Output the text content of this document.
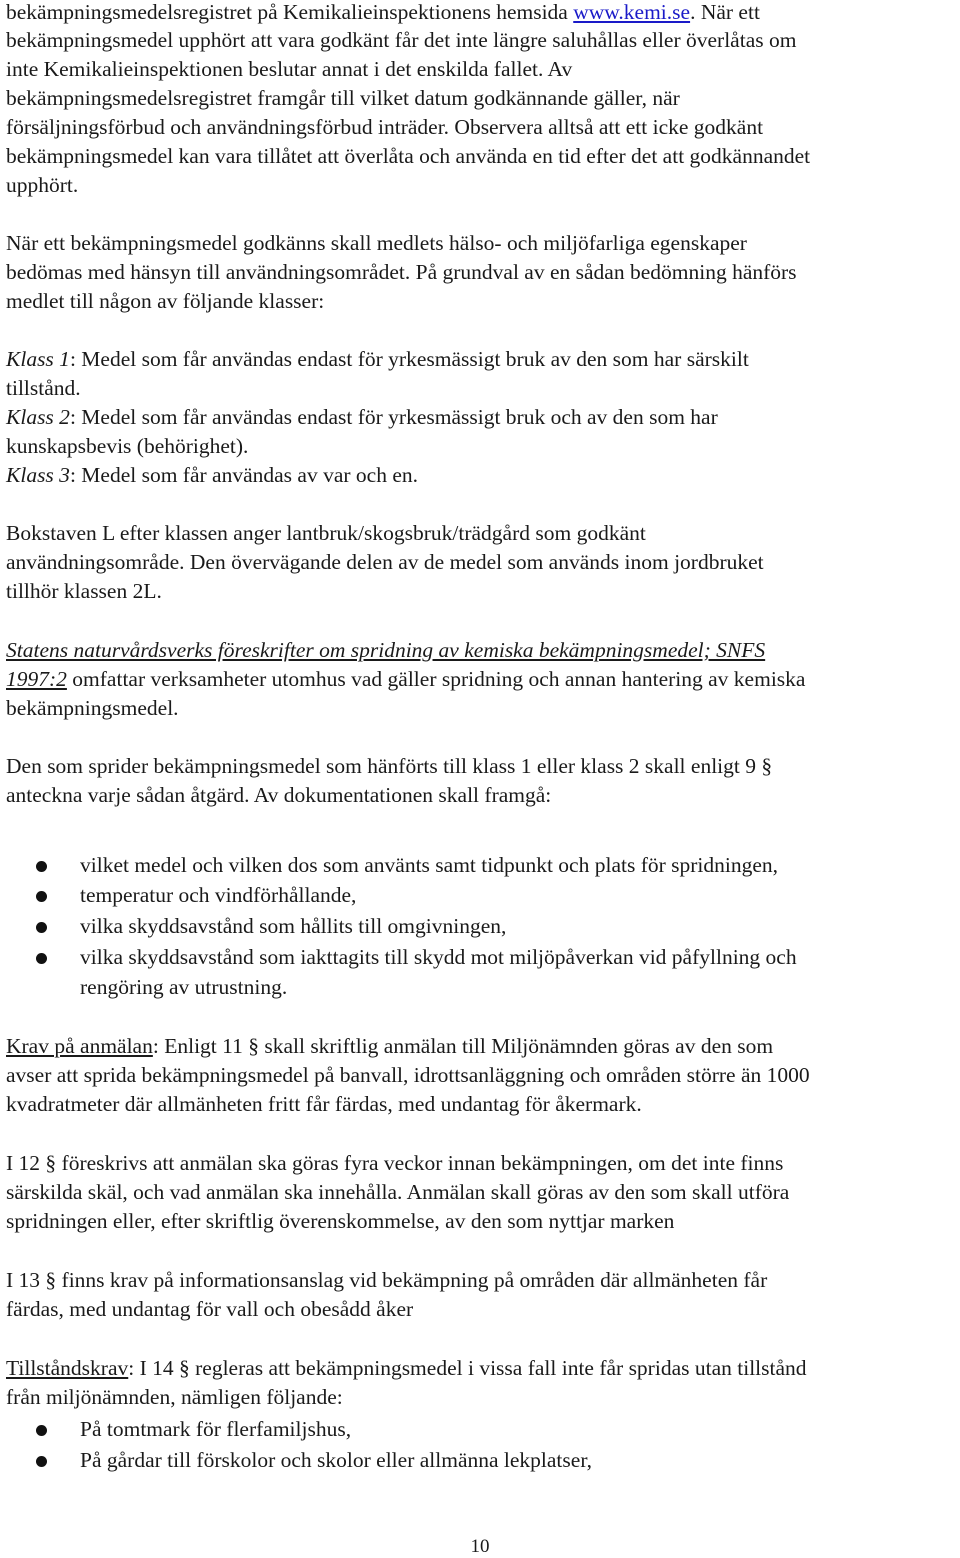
bekämpningsmedelsregistret på Kemikalieinspektionens hemsida www.kemi.se. När ett
bekämpningsmedel upphört att vara godkänt får det inte längre saluhållas eller överlåtas om
inte Kemikalieinspektionen beslutar annat i det enskilda fallet. Av
bekämpningsmedelsregistret framgår till vilket datum godkännande gäller, när
försäljningsförbud och användningsförbud inträder. Observera alltså att ett icke godkänt
bekämpningsmedel kan vara tillåtet att överlåta och använda en tid efter det att godkännandet
upphört.
När ett bekämpningsmedel godkänns skall medlets hälso- och miljöfarliga egenskaper
bedömas med hänsyn till användningsområdet. På grundval av en sådan bedömning hänförs
medlet till någon av följande klasser:
Klass 1: Medel som får användas endast för yrkesmässigt bruk av den som har särskilt
tillstånd.
Klass 2: Medel som får användas endast för yrkesmässigt bruk och av den som har
kunskapsbevis (behörighet).
Klass 3: Medel som får användas av var och en.
Bokstaven L efter klassen anger lantbruk/skogsbruk/trädgård som godkänt
användningsområde. Den övervägande delen av de medel som används inom jordbruket
tillhör klassen 2L.
Statens naturvårdsverks föreskrifter om spridning av kemiska bekämpningsmedel; SNFS
1997:2 omfattar verksamheter utomhus vad gäller spridning och annan hantering av kemiska
bekämpningsmedel.
Den som sprider bekämpningsmedel som hänförts till klass 1 eller klass 2 skall enligt 9 §
anteckna varje sådan åtgärd. Av dokumentationen skall framgå:
vilket medel och vilken dos som använts samt tidpunkt och plats för spridningen,
temperatur och vindförhållande,
vilka skyddsavstånd som hållits till omgivningen,
vilka skyddsavstånd som iakttagits till skydd mot miljöpåverkan vid påfyllning och
rengöring av utrustning.
Krav på anmälan: Enligt 11 § skall skriftlig anmälan till Miljönämnden göras av den som
avser att sprida bekämpningsmedel på banvall, idrottsanläggning och områden större än 1000
kvadratmeter där allmänheten fritt får färdas, med undantag för åkermark.
I 12 § föreskrivs att anmälan ska göras fyra veckor innan bekämpningen, om det inte finns
särskilda skäl, och vad anmälan ska innehålla. Anmälan skall göras av den som skall utföra
spridningen eller, efter skriftlig överenskommelse, av den som nyttjar marken
I 13 § finns krav på informationsanslag vid bekämpning på områden där allmänheten får
färdas, med undantag för vall och obesådd åker
Tillståndskrav: I 14 § regleras att bekämpningsmedel i vissa fall inte får spridas utan tillstånd
från miljönämnden, nämligen följande:
På tomtmark för flerfamiljshus,
På gårdar till förskolor och skolor eller allmänna lekplatser,
10
